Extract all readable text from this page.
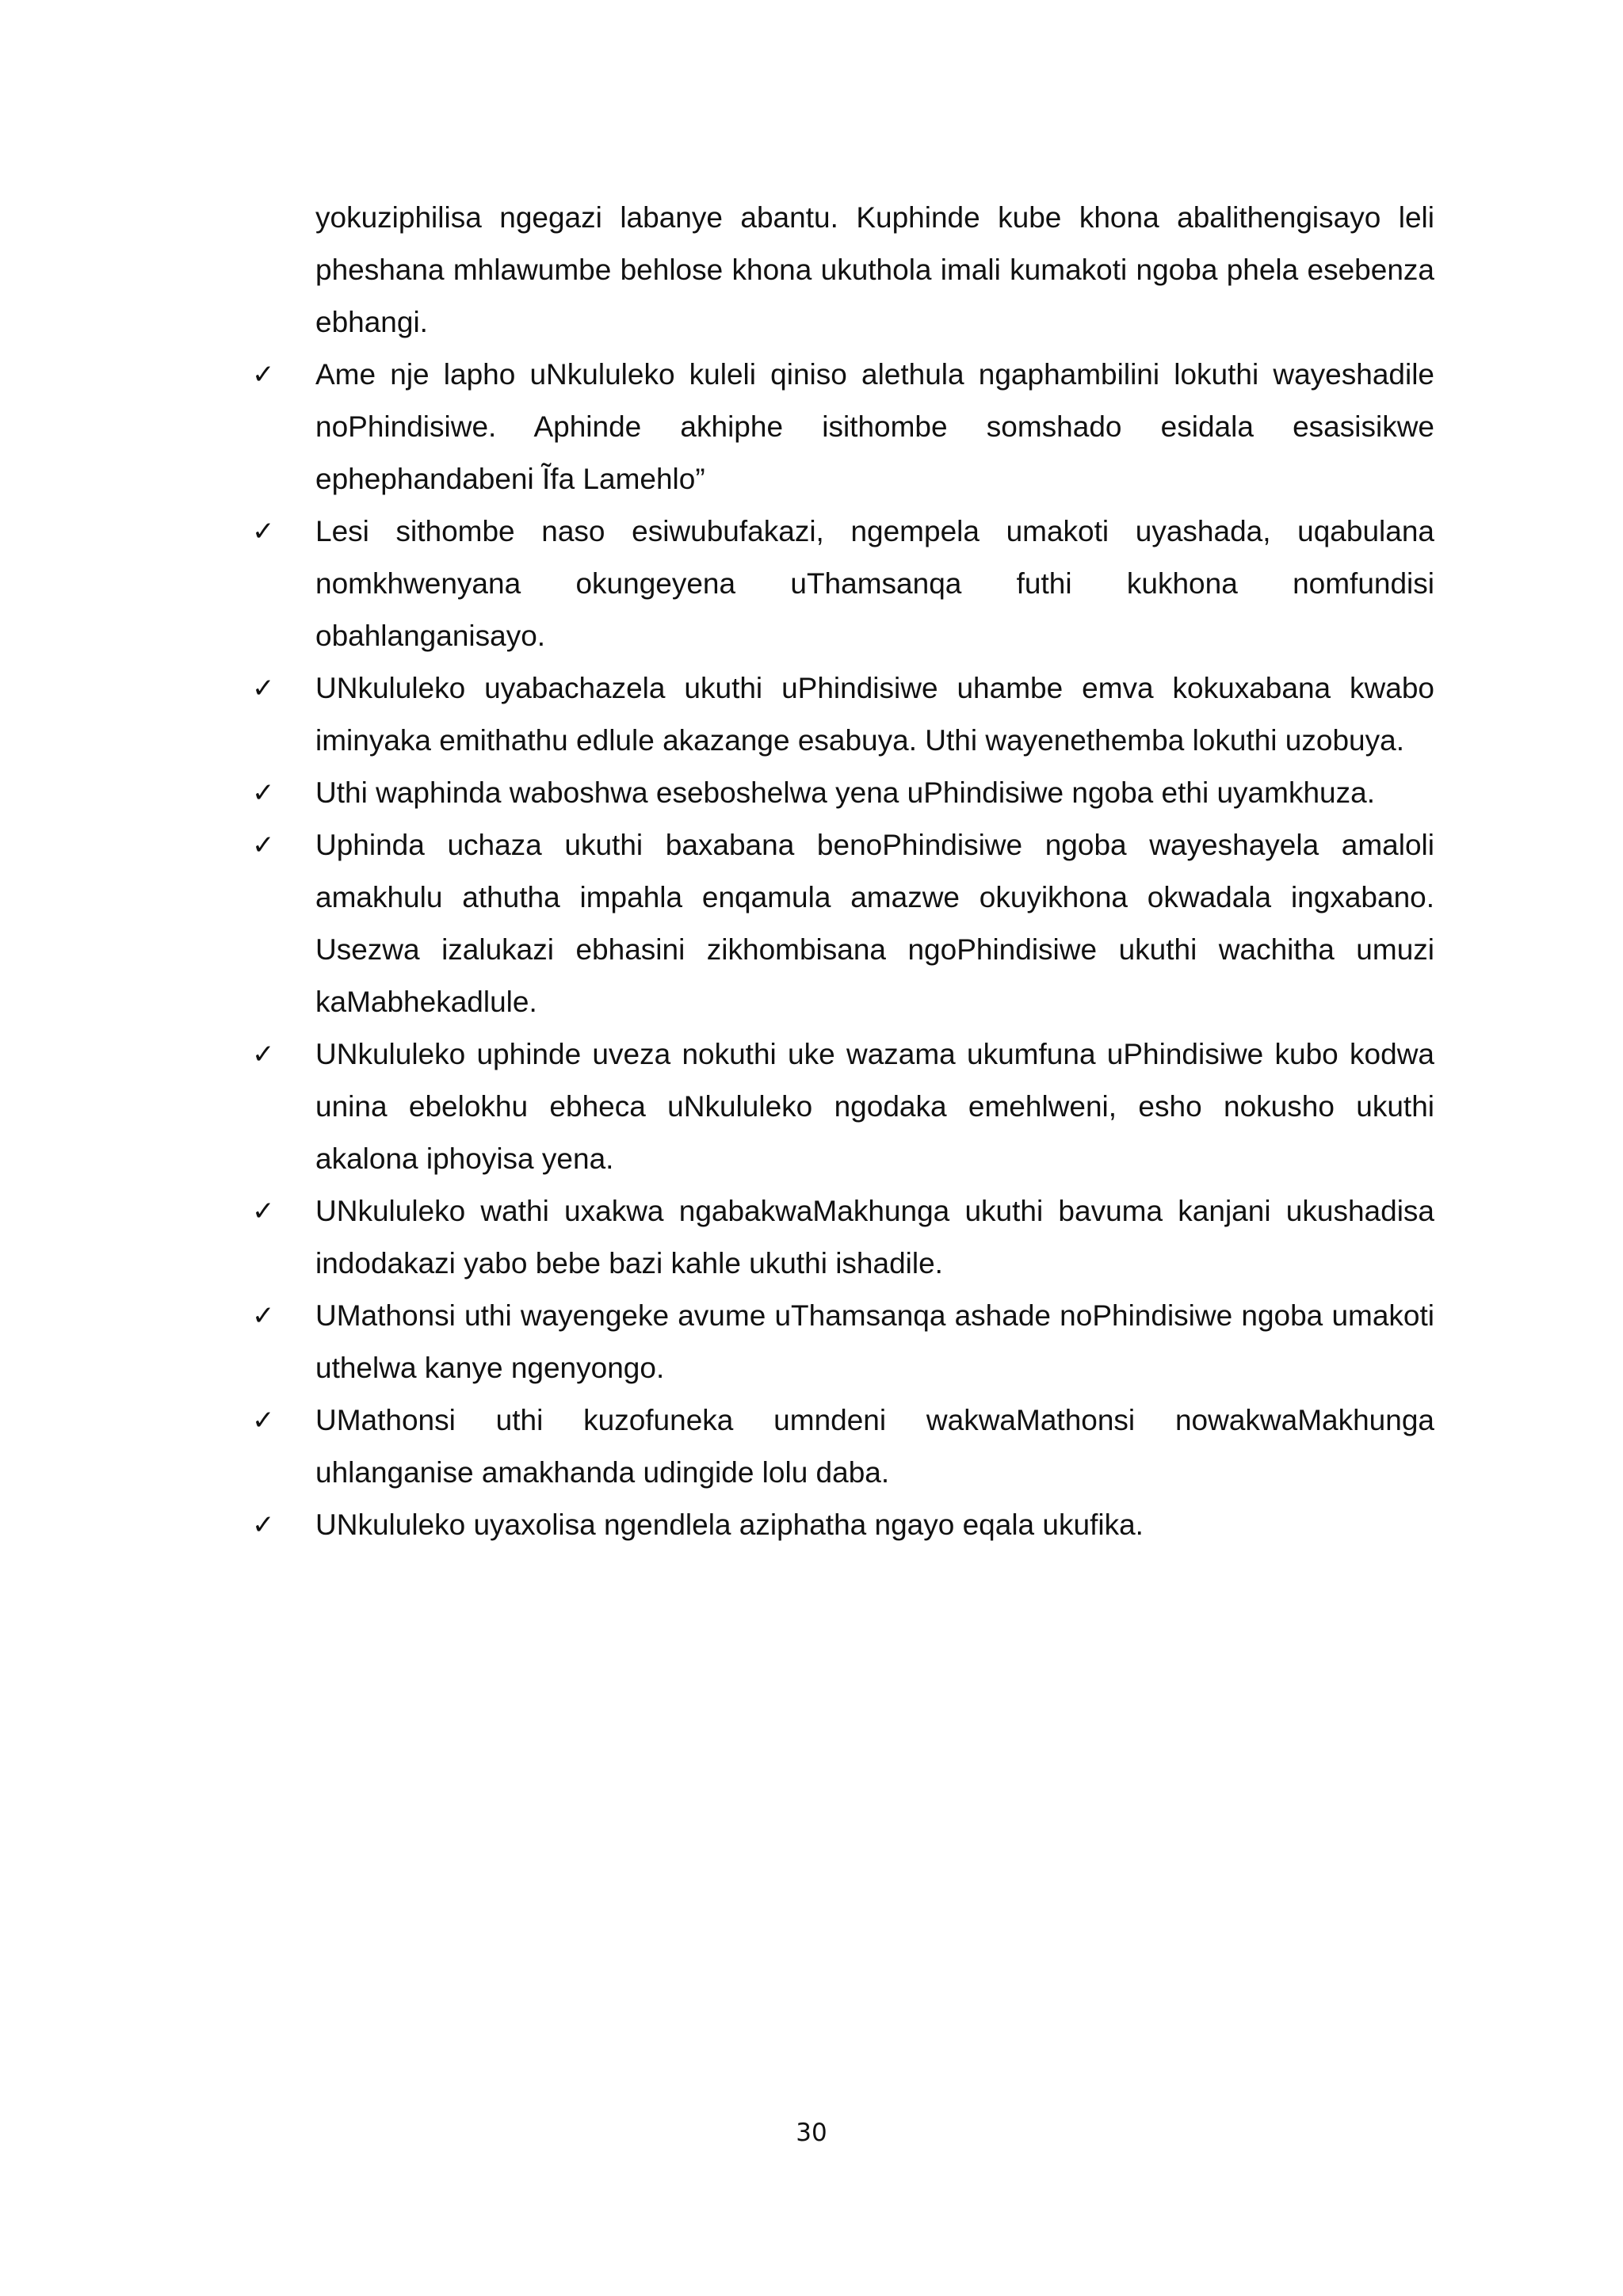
yokuziphilisa ngegazi labanye abantu. Kuphinde kube khona abalithengisayo leli pheshana mhlawumbe behlose khona ukuthola imali kumakoti ngoba phela esebenza ebhangi.

✓	Ame nje lapho uNkululeko kuleli qiniso alethula ngaphambilini lokuthi wayeshadile noPhindisiwe. Aphinde akhiphe isithombe somshado esidala esasisikwe ephephandabeni Ĩfa Lamehlo”
✓	Lesi sithombe naso esiwubufakazi, ngempela umakoti uyashada, uqabulana nomkhwenyana okungeyena uThamsanqa futhi kukhona nomfundisi obahlanganisayo.
✓	UNkululeko uyabachazela ukuthi uPhindisiwe uhambe emva kokuxabana kwabo iminyaka emithathu edlule akazange esabuya. Uthi wayenethemba lokuthi uzobuya.
✓	Uthi waphinda waboshwa eseboshelwa yena uPhindisiwe ngoba ethi uyamkhuza.
✓	Uphinda uchaza ukuthi baxabana benoPhindisiwe ngoba wayeshayela amaloli amakhulu athutha impahla enqamula amazwe okuyikhona okwadala ingxabano. Usezwa izalukazi ebhasini zikhombisana ngoPhindisiwe ukuthi wachitha umuzi kaMabhekadlule.
✓	UNkululeko uphinde uveza nokuthi uke wazama ukumfuna uPhindisiwe kubo kodwa unina ebelokhu ebheca uNkululeko ngodaka emehlweni, esho nokusho ukuthi akalona iphoyisa yena.
✓	UNkululeko wathi uxakwa ngabakwaMakhunga ukuthi bavuma kanjani ukushadisa indodakazi yabo bebe bazi kahle ukuthi ishadile.
✓	UMathonsi uthi wayengeke avume uThamsanqa ashade noPhindisiwe ngoba umakoti uthelwa kanye ngenyongo.
✓	UMathonsi uthi kuzofuneka umndeni wakwaMathonsi nowakwaMakhunga uhlanganise amakhanda udingide lolu daba.
✓	UNkululeko uyaxolisa ngendlela aziphatha ngayo eqala ukufika.
30
